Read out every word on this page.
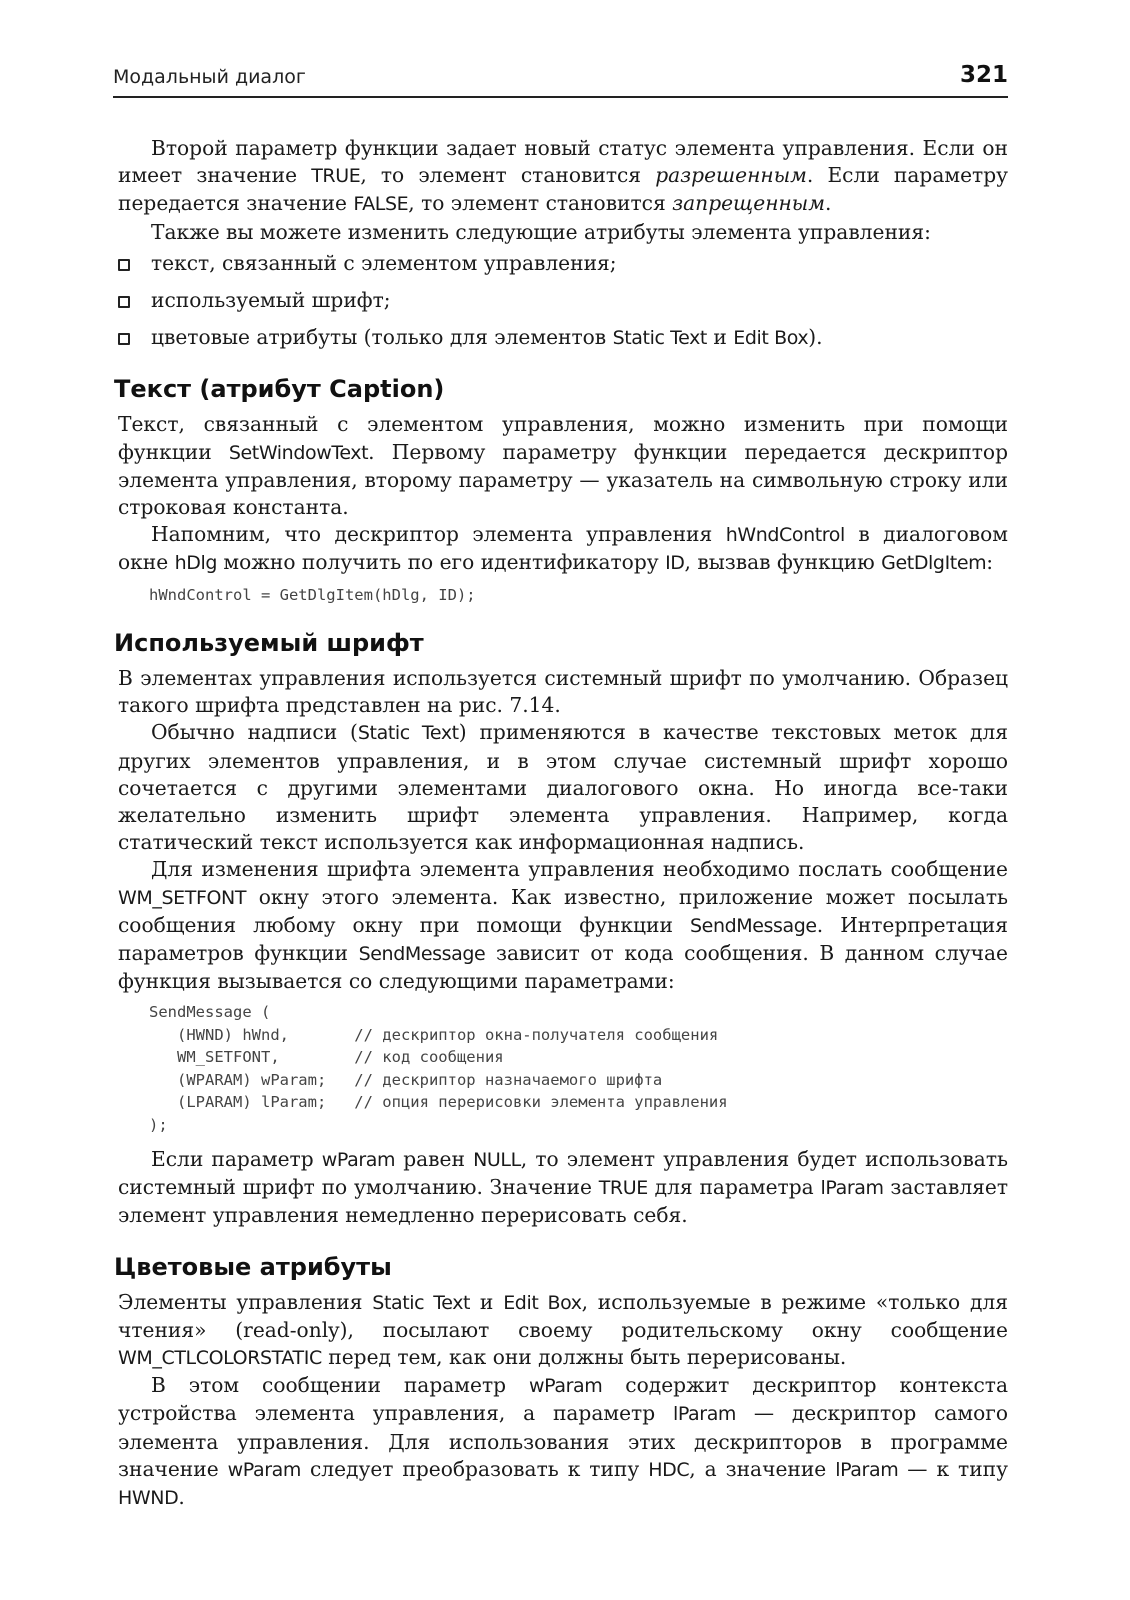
Модальный диалог	321

Второй параметр функции задает новый статус элемента управления. Если он имеет значение TRUE, то элемент становится разрешенным. Если параметру передается значение FALSE, то элемент становится запрещенным.

Также вы можете изменить следующие атрибуты элемента управления:

текст, связанный с элементом управления;
используемый шрифт;
цветовые атрибуты (только для элементов Static Text и Edit Box).
Текст (атрибут Caption)

Текст, связанный с элементом управления, можно изменить при помощи функции SetWindowText. Первому параметру функции передается дескриптор элемента управления, второму параметру — указатель на символьную строку или строковая константа.

Напомним, что дескриптор элемента управления hWndControl в диалоговом окне hDlg можно получить по его идентификатору ID, вызвав функцию GetDlgItem:

hWndControl = GetDlgItem(hDlg, ID);
Используемый шрифт

В элементах управления используется системный шрифт по умолчанию. Образец такого шрифта представлен на рис. 7.14.

Обычно надписи (Static Text) применяются в качестве текстовых меток для других элементов управления, и в этом случае системный шрифт хорошо сочетается с другими элементами диалогового окна. Но иногда все-таки желательно изменить шрифт элемента управления. Например, когда статический текст используется как информационная надпись.

Для изменения шрифта элемента управления необходимо послать сообщение WM_SETFONT окну этого элемента. Как известно, приложение может посылать сообщения любому окну при помощи функции SendMessage. Интерпретация параметров функции SendMessage зависит от кода сообщения. В данном случае функция вызывается со следующими параметрами:

SendMessage (
(HWND) hWnd,       // дескриптор окна-получателя сообщения
WM_SETFONT,        // код сообщения
(WPARAM) wParam;   // дескриптор назначаемого шрифта
(LPARAM) lParam;   // опция перерисовки элемента управления
);

Если параметр wParam равен NULL, то элемент управления будет использовать системный шрифт по умолчанию. Значение TRUE для параметра lParam заставляет элемент управления немедленно перерисовать себя.

Цветовые атрибуты

Элементы управления Static Text и Edit Box, используемые в режиме «только для чтения» (read-only), посылают своему родительскому окну сообщение WM_CTLCOLORSTATIC перед тем, как они должны быть перерисованы.

В этом сообщении параметр wParam содержит дескриптор контекста устройства элемента управления, а параметр lParam — дескриптор самого элемента управления. Для использования этих дескрипторов в программе значение wParam следует преобразовать к типу HDC, а значение lParam — к типу HWND.
